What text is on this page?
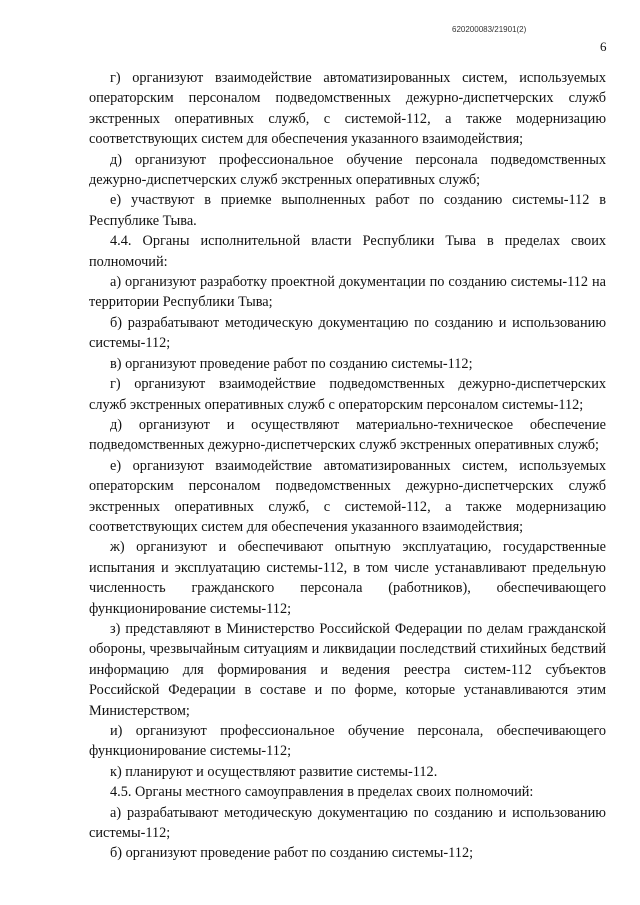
620200083/21901(2)
6

г) организуют взаимодействие автоматизированных систем, используемых операторским персоналом подведомственных дежурно-диспетчерских служб экстренных оперативных служб, с системой-112, а также модернизацию соответствующих систем для обеспечения указанного взаимодействия;

д) организуют профессиональное обучение персонала подведомственных дежурно-диспетчерских служб экстренных оперативных служб;

е) участвуют в приемке выполненных работ по созданию системы-112 в Республике Тыва.

4.4. Органы исполнительной власти Республики Тыва в пределах своих полномочий:

а) организуют разработку проектной документации по созданию системы-112 на территории Республики Тыва;

б) разрабатывают методическую документацию по созданию и использованию системы-112;

в) организуют проведение работ по созданию системы-112;

г) организуют взаимодействие подведомственных дежурно-диспетчерских служб экстренных оперативных служб с операторским персоналом системы-112;

д) организуют и осуществляют материально-техническое обеспечение подведомственных дежурно-диспетчерских служб экстренных оперативных служб;

е) организуют взаимодействие автоматизированных систем, используемых операторским персоналом подведомственных дежурно-диспетчерских служб экстренных оперативных служб, с системой-112, а также модернизацию соответствующих систем для обеспечения указанного взаимодействия;

ж) организуют и обеспечивают опытную эксплуатацию, государственные испытания и эксплуатацию системы-112, в том числе устанавливают предельную численность гражданского персонала (работников), обеспечивающего функционирование системы-112;

з) представляют в Министерство Российской Федерации по делам гражданской обороны, чрезвычайным ситуациям и ликвидации последствий стихийных бедствий информацию для формирования и ведения реестра систем-112 субъектов Российской Федерации в составе и по форме, которые устанавливаются этим Министерством;

и) организуют профессиональное обучение персонала, обеспечивающего функционирование системы-112;

к) планируют и осуществляют развитие системы-112.

4.5. Органы местного самоуправления в пределах своих полномочий:

а) разрабатывают методическую документацию по созданию и использованию системы-112;

б) организуют проведение работ по созданию системы-112;
